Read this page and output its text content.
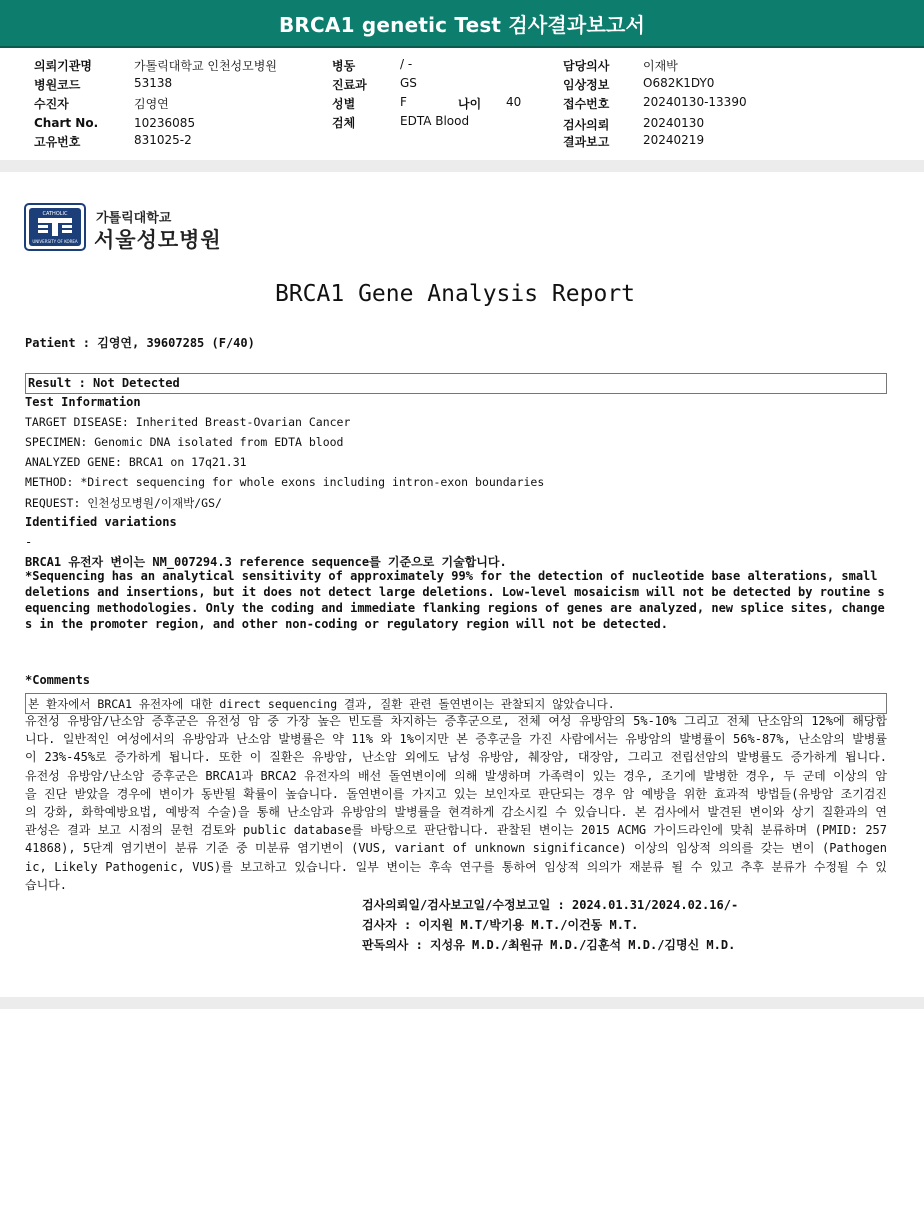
BRCA1 genetic Test 검사결과보고서
의뢰기관명	가톨릭대학교 인천성모병원
병원코드	53138
수진자	김영연
Chart No.	10236085
고유번호	831025-2
병동	/ -
진료과	GS
성별	F	나이 40
검체	EDTA Blood
담당의사	이재박
임상정보	O682K1DY0
접수번호	20240130-13390
검사의뢰	20240130
결과보고	20240219
CATHOLIC
UNIVERSITY OF KOREA
가톨릭대학교
서울성모병원
BRCA1 Gene Analysis Report
Patient : 김영연, 39607285 (F/40)
Result : Not Detected
Test Information
TARGET DISEASE: Inherited Breast-Ovarian Cancer
SPECIMEN: Genomic DNA isolated from EDTA blood
ANALYZED GENE: BRCA1 on 17q21.31
METHOD: *Direct sequencing for whole exons including intron-exon boundaries
REQUEST: 인천성모병원/이재박/GS/
Identified variations
-
BRCA1 유전자 변이는 NM_007294.3 reference sequence를 기준으로 기술합니다.
*Sequencing has an analytical sensitivity of approximately 99% for the detection of nucleotide base alterations, small deletions and insertions, but it does not detect large deletions. Low-level mosaicism will not be detected by routine sequencing methodologies. Only the coding and immediate flanking regions of genes are analyzed, new splice sites, changes in the promoter region, and other non-coding or regulatory region will not be detected.
*Comments
본 환자에서 BRCA1 유전자에 대한 direct sequencing 결과, 질환 관련 돌연변이는 관찰되지 않았습니다.
유전성 유방암/난소암 증후군은 유전성 암 중 가장 높은 빈도를 차지하는 증후군으로, 전체 여성 유방암의 5%-10% 그리고 전체 난소암의 12%에 해당합니다. 일반적인 여성에서의 유방암과 난소암 발병률은 약 11% 와 1%이지만 본 증후군을 가진 사람에서는 유방암의 발병률이 56%-87%, 난소암의 발병률이 23%-45%로 증가하게 됩니다. 또한 이 질환은 유방암, 난소암 외에도 남성 유방암, 췌장암, 대장암, 그리고 전립선암의 발병률도 증가하게 됩니다. 유전성 유방암/난소암 증후군은 BRCA1과 BRCA2 유전자의 배선 돌연변이에 의해 발생하며 가족력이 있는 경우, 조기에 발병한 경우, 두 군데 이상의 암을 진단 받았을 경우에 변이가 동반될 확률이 높습니다. 돌연변이를 가지고 있는 보인자로 판단되는 경우 암 예방을 위한 효과적 방법들(유방암 조기검진의 강화, 화학예방요법, 예방적 수술)을 통해 난소암과 유방암의 발병률을 현격하게 감소시킬 수 있습니다. 본 검사에서 발견된 변이와 상기 질환과의 연관성은 결과 보고 시점의 문헌 검토와 public database를 바탕으로 판단합니다. 관찰된 변이는 2015 ACMG 가이드라인에 맞춰 분류하며 (PMID: 25741868), 5단계 염기변이 분류 기준 중 미분류 염기변이 (VUS, variant of unknown significance) 이상의 임상적 의의를 갖는 변이 (Pathogenic, Likely Pathogenic, VUS)를 보고하고 있습니다. 일부 변이는 후속 연구를 통하여 임상적 의의가 재분류 될 수 있고 추후 분류가 수정될 수 있습니다.
검사의뢰일/검사보고일/수정보고일 : 2024.01.31/2024.02.16/-
검사자 : 이지원 M.T/박기용 M.T./이건동 M.T.
판독의사 : 지성유 M.D./최원규 M.D./김훈석 M.D./김명신 M.D.
